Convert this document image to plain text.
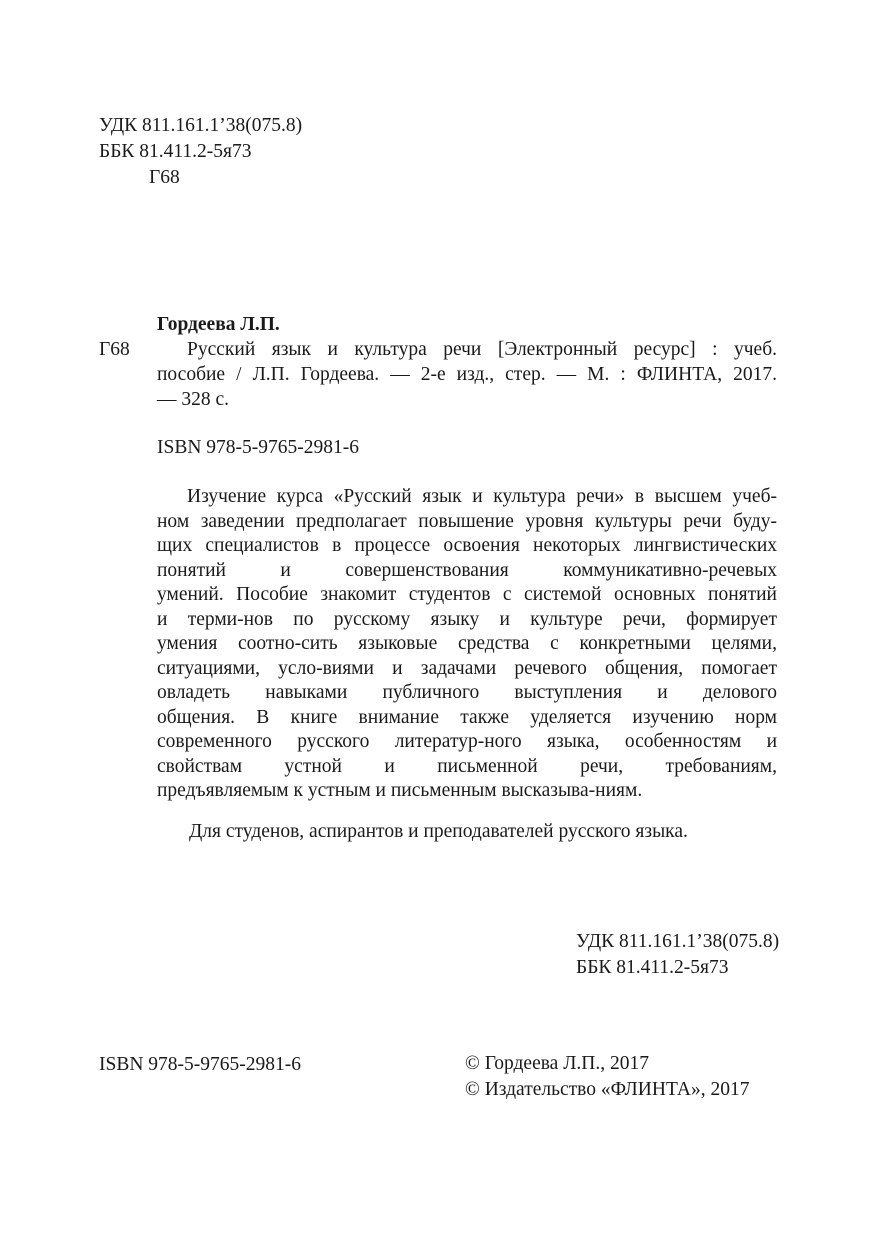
УДК 811.161.1’38(075.8)
ББК 81.411.2-5я73
Г68
Гордеева Л.П.
Г68	Русский язык и культура речи [Электронный ресурс] : учеб.
пособие / Л.П. Гордеева. — 2-е изд., стер. — М. : ФЛИНТА, 2017.
— 328 с.
ISBN 978-5-9765-2981-6
Изучение курса «Русский язык и культура речи» в высшем учеб-
ном заведении предполагает повышение уровня культуры речи буду-
щих специалистов в процессе освоения некоторых лингвистических
понятий и совершенствования коммуникативно-речевых
умений. Пособие знакомит студентов с системой основных понятий
и терми-нов по русскому языку и культуре речи, формирует
умения соотно-сить языковые средства с конкретными целями,
ситуациями, усло-виями и задачами речевого общения, помогает
овладеть навыками публичного выступления и делового
общения. В книге внимание также уделяется изучению норм
современного русского литератур-ного языка, особенностям и
свойствам устной и письменной речи, требованиям,
предъявляемым к устным и письменным высказыва-ниям.
Для студенов, аспирантов и преподавателей русского языка.
УДК 811.161.1’38(075.8)
ББК 81.411.2-5я73
ISBN 978-5-9765-2981-6	© Гордеева Л.П., 2017
© Издательство «ФЛИНТА», 2017
